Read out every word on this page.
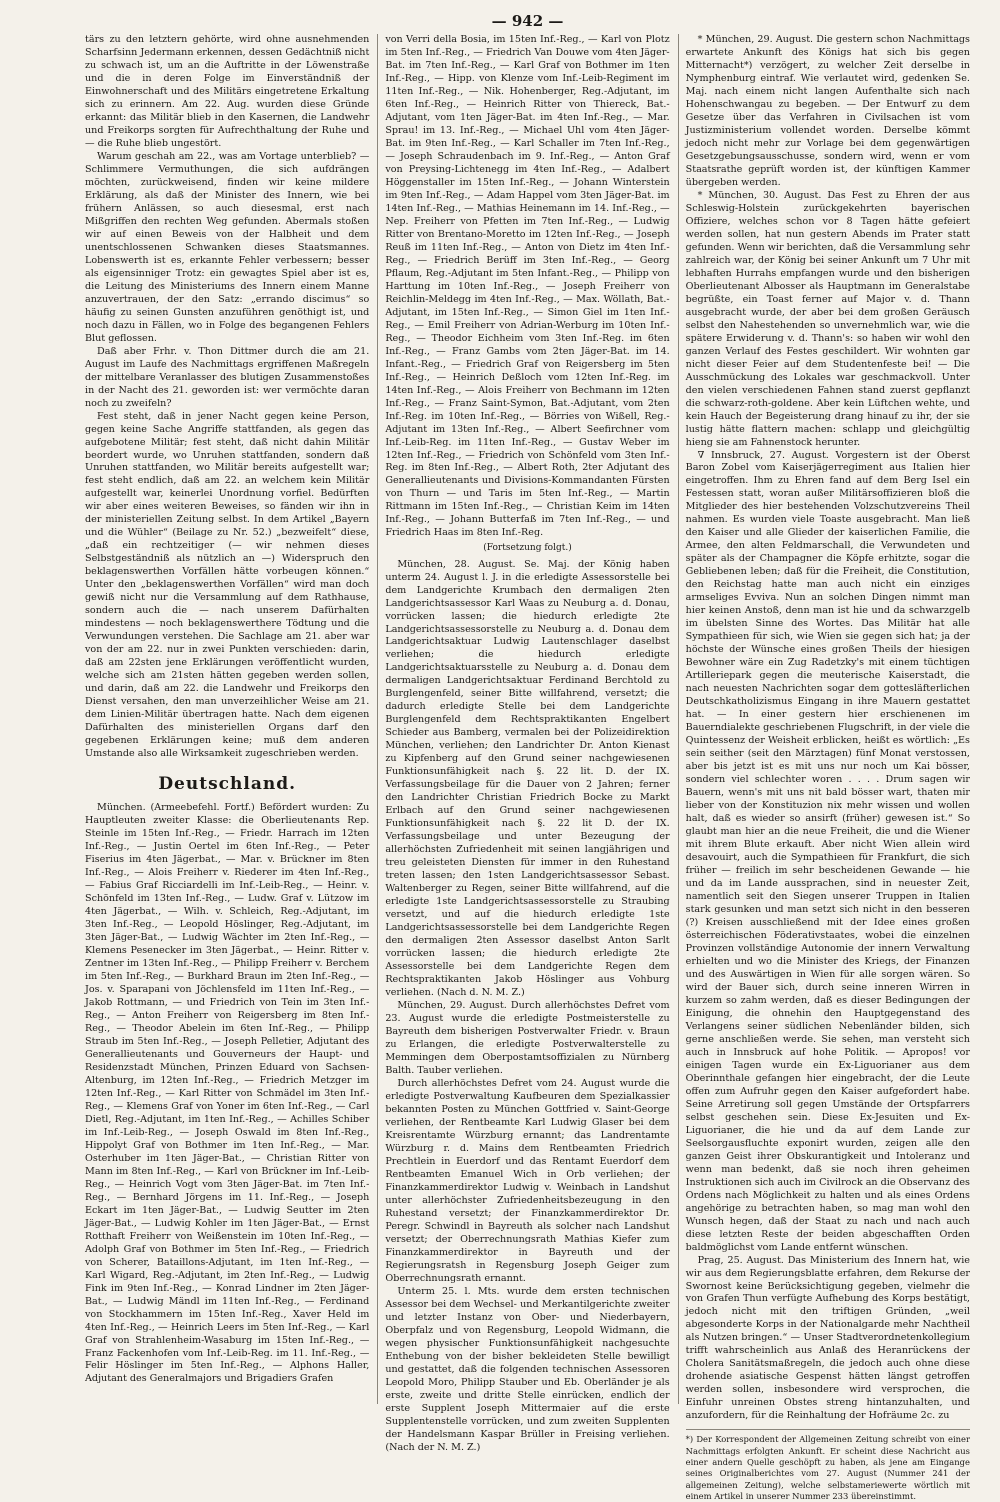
— 942 —

tärs zu den letztern gehörte, wird ohne ausnehmenden Scharfsinn Jedermann erkennen, dessen Gedächtniß nicht zu schwach ist, um an die Auftritte in der Löwenstraße und die in deren Folge im Einverständniß der Einwohnerschaft und des Militärs eingetretene Erkaltung sich zu erinnern. Am 22. Aug. wurden diese Gründe erkannt: das Militär blieb in den Kasernen, die Landwehr und Freikorps sorgten für Aufrechthaltung der Ruhe und — die Ruhe blieb ungestört.

Warum geschah am 22., was am Vortage unterblieb? — Schlimmere Vermuthungen, die sich aufdrängen möchten, zurückweisend, finden wir keine mildere Erklärung, als daß der Minister des Innern, wie bei frühern Anlässen, so auch diesesmal, erst nach Mißgriffen den rechten Weg gefunden. Abermals stoßen wir auf einen Beweis von der Halbheit und dem unentschlossenen Schwanken dieses Staatsmannes. Lobenswerth ist es, erkannte Fehler verbessern; besser als eigensinniger Trotz: ein gewagtes Spiel aber ist es, die Leitung des Ministeriums des Innern einem Manne anzuvertrauen, der den Satz: „errando discimus“ so häufig zu seinen Gunsten anzuführen genöthigt ist, und noch dazu in Fällen, wo in Folge des begangenen Fehlers Blut geflossen.

Daß aber Frhr. v. Thon Dittmer durch die am 21. August im Laufe des Nachmittags ergriffenen Maßregeln der mittelbare Veranlasser des blutigen Zusammenstoßes in der Nacht des 21. geworden ist: wer vermöchte daran noch zu zweifeln?

Fest steht, daß in jener Nacht gegen keine Person, gegen keine Sache Angriffe stattfanden, als gegen das aufgebotene Militär; fest steht, daß nicht dahin Militär beordert wurde, wo Unruhen stattfanden, sondern daß Unruhen stattfanden, wo Militär bereits aufgestellt war; fest steht endlich, daß am 22. an welchem kein Militär aufgestellt war, keinerlei Unordnung vorfiel. Bedürften wir aber eines weiteren Beweises, so fänden wir ihn in der ministeriellen Zeitung selbst. In dem Artikel „Bayern und die Wühler“ (Beilage zu Nr. 52.) „bezweifelt“ diese, „daß ein rechtzeitiger (— wir nehmen dieses Selbstgeständniß als nützlich an —) Widerspruch den beklagenswerthen Vorfällen hätte vorbeugen können.“ Unter den „beklagenswerthen Vorfällen“ wird man doch gewiß nicht nur die Versammlung auf dem Rathhause, sondern auch die — nach unserem Dafürhalten mindestens — noch beklagenswerthere Tödtung und die Verwundungen verstehen. Die Sachlage am 21. aber war von der am 22. nur in zwei Punkten verschieden: darin, daß am 22sten jene Erklärungen veröffentlicht wurden, welche sich am 21sten hätten gegeben werden sollen, und darin, daß am 22. die Landwehr und Freikorps den Dienst versahen, den man unverzeihlicher Weise am 21. dem Linien-Militär übertragen hatte. Nach dem eigenen Dafürhalten des ministeriellen Organs darf den gegebenen Erklärungen keine; muß dem anderen Umstande also alle Wirksamkeit zugeschrieben werden.

Deutschland.

München. (Armeebefehl. Fortf.) Befördert wurden: Zu Hauptleuten zweiter Klasse: die Oberlieutenants Rep. Steinle im 15ten Inf.-Reg., — Friedr. Harrach im 12ten Inf.-Reg., — Justin Oertel im 6ten Inf.-Reg., — Peter Fiserius im 4ten Jägerbat., — Mar. v. Brückner im 8ten Inf.-Reg., — Alois Freiherr v. Riederer im 4ten Inf.-Reg., — Fabius Graf Ricciardelli im Inf.-Leib-Reg., — Heinr. v. Schönfeld im 13ten Inf.-Reg., — Ludw. Graf v. Lützow im 4ten Jägerbat., — Wilh. v. Schleich, Reg.-Adjutant, im 3ten Inf.-Reg., — Leopold Höslinger, Reg.-Adjutant, im 3ten Jäger-Bat., — Ludwig Wächter im 2ten Inf.-Reg., — Klemens Pesenecker im 3ten Jägerbat., — Heinr. Ritter v. Zentner im 13ten Inf.-Reg., — Philipp Freiherr v. Berchem im 5ten Inf.-Reg., — Burkhard Braun im 2ten Inf.-Reg., — Jos. v. Sparapani von Jöchlensfeld im 11ten Inf.-Reg., — Jakob Rottmann, — und Friedrich von Tein im 3ten Inf.-Reg., — Anton Freiherr von Reigersberg im 8ten Inf.-Reg., — Theodor Abelein im 6ten Inf.-Reg., — Philipp Straub im 5ten Inf.-Reg., — Joseph Pelletier, Adjutant des Generallieutenants und Gouverneurs der Haupt- und Residenzstadt München, Prinzen Eduard von Sachsen-Altenburg, im 12ten Inf.-Reg., — Friedrich Metzger im 12ten Inf.-Reg., — Karl Ritter von Schmädel im 3ten Inf.-Reg., — Klemens Graf von Yoner im 6ten Inf.-Reg., — Carl Dietl, Reg.-Adjutant, im 1ten Inf.-Reg., — Achilles Schiber im Inf.-Leib-Reg., — Joseph Oswald im 8ten Inf.-Reg., Hippolyt Graf von Bothmer im 1ten Inf.-Reg., — Mar. Osterhuber im 1ten Jäger-Bat., — Christian Ritter von Mann im 8ten Inf.-Reg., — Karl von Brückner im Inf.-Leib-Reg., — Heinrich Vogt vom 3ten Jäger-Bat. im 7ten Inf.-Reg., — Bernhard Jörgens im 11. Inf.-Reg., — Joseph Eckart im 1ten Jäger-Bat., — Ludwig Seutter im 2ten Jäger-Bat., — Ludwig Kohler im 1ten Jäger-Bat., — Ernst Rotthaft Freiherr von Weißenstein im 10ten Inf.-Reg., — Adolph Graf von Bothmer im 5ten Inf.-Reg., — Friedrich von Scherer, Bataillons-Adjutant, im 1ten Inf.-Reg., — Karl Wigard, Reg.-Adjutant, im 2ten Inf.-Reg., — Ludwig Fink im 9ten Inf.-Reg., — Konrad Lindner im 2ten Jäger-Bat., — Ludwig Mändl im 11ten Inf.-Reg., — Ferdinand von Stockhammern im 15ten Inf.-Reg., Xaver Held im 4ten Inf.-Reg., — Heinrich Leers im 5ten Inf.-Reg., — Karl Graf von Strahlenheim-Wasaburg im 15ten Inf.-Reg., — Franz Fackenhofen vom Inf.-Leib-Reg. im 11. Inf.-Reg., — Felir Höslinger im 5ten Inf.-Reg., — Alphons Haller, Adjutant des Generalmajors und Brigadiers Grafen

von Verri della Bosia, im 15ten Inf.-Reg., — Karl von Plotz im 5ten Inf.-Reg., — Friedrich Van Douwe vom 4ten Jäger-Bat. im 7ten Inf.-Reg., — Karl Graf von Bothmer im 1ten Inf.-Reg., — Hipp. von Klenze vom Inf.-Leib-Regiment im 11ten Inf.-Reg., — Nik. Hohenberger, Reg.-Adjutant, im 6ten Inf.-Reg., — Heinrich Ritter von Thiereck, Bat.-Adjutant, vom 1ten Jäger-Bat. im 4ten Inf.-Reg., — Mar. Sprau! im 13. Inf.-Reg., — Michael Uhl vom 4ten Jäger-Bat. im 9ten Inf.-Reg., — Karl Schaller im 7ten Inf.-Reg., — Joseph Schraudenbach im 9. Inf.-Reg., — Anton Graf von Preysing-Lichtenegg im 4ten Inf.-Reg., — Adalbert Höggenstaller im 15ten Inf.-Reg., — Johann Winterstein im 9ten Inf.-Reg., — Adam Happel vom 3ten Jäger-Bat. im 14ten Inf.-Reg., — Mathias Heinemann im 14. Inf.-Reg., — Nep. Freiherr von Pfetten im 7ten Inf.-Reg., — Ludwig Ritter von Brentano-Moretto im 12ten Inf.-Reg., — Joseph Reuß im 11ten Inf.-Reg., — Anton von Dietz im 4ten Inf.-Reg., — Friedrich Berüff im 3ten Inf.-Reg., — Georg Pflaum, Reg.-Adjutant im 5ten Infant.-Reg., — Philipp von Harttung im 10ten Inf.-Reg., — Joseph Freiherr von Reichlin-Meldegg im 4ten Inf.-Reg., — Max. Wöllath, Bat.-Adjutant, im 15ten Inf.-Reg., — Simon Giel im 1ten Inf.-Reg., — Emil Freiherr von Adrian-Werburg im 10ten Inf.-Reg., — Theodor Eichheim vom 3ten Inf.-Reg. im 6ten Inf.-Reg., — Franz Gambs vom 2ten Jäger-Bat. im 14. Infant.-Reg., — Friedrich Graf von Reigersberg im 5ten Inf.-Reg., — Heinrich Deßloch vom 12ten Inf.-Reg. im 14ten Inf.-Reg., — Alois Freiherr von Bechmann im 12ten Inf.-Reg., — Franz Saint-Symon, Bat.-Adjutant, vom 2ten Inf.-Reg. im 10ten Inf.-Reg., — Börries von Wißell, Reg.-Adjutant im 13ten Inf.-Reg., — Albert Seefirchner vom Inf.-Leib-Reg. im 11ten Inf.-Reg., — Gustav Weber im 12ten Inf.-Reg., — Friedrich von Schönfeld vom 3ten Inf.-Reg. im 8ten Inf.-Reg., — Albert Roth, 2ter Adjutant des Generallieutenants und Divisions-Kommandanten Fürsten von Thurn — und Taris im 5ten Inf.-Reg., — Martin Rittmann im 15ten Inf.-Reg., — Christian Keim im 14ten Inf.-Reg., — Johann Butterfaß im 7ten Inf.-Reg., — und Friedrich Haas im 8ten Inf.-Reg.

(Fortsetzung folgt.)

München, 28. August. Se. Maj. der König haben unterm 24. August l. J. in die erledigte Assessorstelle bei dem Landgerichte Krumbach den dermaligen 2ten Landgerichtsassessor Karl Waas zu Neuburg a. d. Donau, vorrücken lassen; die hiedurch erledigte 2te Landgerichtsassessorstelle zu Neuburg a. d. Donau dem Landgerichtsaktuar Ludwig Lautenschlager daselbst verliehen; die hiedurch erledigte Landgerichtsaktuarsstelle zu Neuburg a. d. Donau dem dermaligen Landgerichtsaktuar Ferdinand Berchtold zu Burglengenfeld, seiner Bitte willfahrend, versetzt; die dadurch erledigte Stelle bei dem Landgerichte Burglengenfeld dem Rechtspraktikanten Engelbert Schieder aus Bamberg, vermalen bei der Polizeidirektion München, verliehen; den Landrichter Dr. Anton Kienast zu Kipfenberg auf den Grund seiner nachgewiesenen Funktionsunfähigkeit nach §. 22 lit. D. der IX. Verfassungsbeilage für die Dauer von 2 Jahren; ferner den Landrichter Christian Friedrich Bocke zu Markt Erlbach auf den Grund seiner nachgewiesenen Funktionsunfähigkeit nach §. 22 lit D. der IX. Verfassungsbeilage und unter Bezeugung der allerhöchsten Zufriedenheit mit seinen langjährigen und treu geleisteten Diensten für immer in den Ruhestand treten lassen; den 1sten Landgerichtsassessor Sebast. Waltenberger zu Regen, seiner Bitte willfahrend, auf die erledigte 1ste Landgerichtsassessorstelle zu Straubing versetzt, und auf die hiedurch erledigte 1ste Landgerichtsassessorstelle bei dem Landgerichte Regen den dermaligen 2ten Assessor daselbst Anton Sarlt vorrücken lassen; die hiedurch erledigte 2te Assessorstelle bei dem Landgerichte Regen dem Rechtspraktikanten Jakob Höslinger aus Vohburg verliehen. (Nach d. N. M. Z.)

München, 29. August. Durch allerhöchstes Defret vom 23. August wurde die erledigte Postmeisterstelle zu Bayreuth dem bisherigen Postverwalter Friedr. v. Braun zu Erlangen, die erledigte Postverwalterstelle zu Memmingen dem Oberpostamtsoffizialen zu Nürnberg Balth. Tauber verliehen.

Durch allerhöchstes Defret vom 24. August wurde die erledigte Postverwaltung Kaufbeuren dem Spezialkassier bekannten Posten zu München Gottfried v. Saint-George verliehen, der Rentbeamte Karl Ludwig Glaser bei dem Kreisrentamte Würzburg ernannt; das Landrentamte Würzburg r. d. Mains dem Rentbeamten Friedrich Prechtlein in Euerdorf und das Rentamt Euerdorf dem Rentbeamten Emanuel Wich in Orb verliehen; der Finanzkammerdirektor Ludwig v. Weinbach in Landshut unter allerhöchster Zufriedenheitsbezeugung in den Ruhestand versetzt; der Finanzkammerdirektor Dr. Peregr. Schwindl in Bayreuth als solcher nach Landshut versetzt; der Oberrechnungsrath Mathias Kiefer zum Finanzkammerdirektor in Bayreuth und der Regierungsratsh in Regensburg Joseph Geiger zum Oberrechnungsrath ernannt.

Unterm 25. l. Mts. wurde dem ersten technischen Assessor bei dem Wechsel- und Merkantilgerichte zweiter und letzter Instanz von Ober- und Niederbayern, Oberpfalz und von Regensburg, Leopold Widmann, die wegen physischer Funktionsunfähigkeit nachgesuchte Enthebung von der bisher bekleideten Stelle bewilligt und gestattet, daß die folgenden technischen Assessoren Leopold Moro, Philipp Stauber und Eb. Oberländer je als erste, zweite und dritte Stelle einrücken, endlich der erste Supplent Joseph Mittermaier auf die erste Supplentenstelle vorrücken, und zum zweiten Supplenten der Handelsmann Kaspar Brüller in Freising verliehen. (Nach der N. M. Z.)

* München, 29. August. Die gestern schon Nachmittags erwartete Ankunft des Königs hat sich bis gegen Mitternacht*) verzögert, zu welcher Zeit derselbe in Nymphenburg eintraf. Wie verlautet wird, gedenken Se. Maj. nach einem nicht langen Aufenthalte sich nach Hohenschwangau zu begeben. — Der Entwurf zu dem Gesetze über das Verfahren in Civilsachen ist vom Justizministerium vollendet worden. Derselbe kömmt jedoch nicht mehr zur Vorlage bei dem gegenwärtigen Gesetzgebungsausschusse, sondern wird, wenn er vom Staatsrathe geprüft worden ist, der künftigen Kammer übergeben werden.

* München, 30. August. Das Fest zu Ehren der aus Schleswig-Holstein zurückgekehrten bayerischen Offiziere, welches schon vor 8 Tagen hätte gefeiert werden sollen, hat nun gestern Abends im Prater statt gefunden. Wenn wir berichten, daß die Versammlung sehr zahlreich war, der König bei seiner Ankunft um 7 Uhr mit lebhaften Hurrahs empfangen wurde und den bisherigen Oberlieutenant Albosser als Hauptmann im Generalstabe begrüßte, ein Toast ferner auf Major v. d. Thann ausgebracht wurde, der aber bei dem großen Geräusch selbst den Nahestehenden so unvernehmlich war, wie die spätere Erwiderung v. d. Thann's: so haben wir wohl den ganzen Verlauf des Festes geschildert. Wir wohnten gar nicht dieser Feier auf dem Studentenfeste bei! — Die Ausschmückung des Lokales war geschmackvoll. Unter den vielen verschiedenen Fahnen stand zuerst gepflanzt die schwarz-roth-goldene. Aber kein Lüftchen wehte, und kein Hauch der Begeisterung drang hinauf zu ihr, der sie lustig hätte flattern machen: schlapp und gleichgültig hieng sie am Fahnenstock herunter.

∇ Innsbruck, 27. August. Vorgestern ist der Oberst Baron Zobel vom Kaiserjägerregiment aus Italien hier eingetroffen. Ihm zu Ehren fand auf dem Berg Isel ein Festessen statt, woran außer Militärsoffizieren bloß die Mitglieder des hier bestehenden Volzschutzvereins Theil nahmen. Es wurden viele Toaste ausgebracht. Man ließ den Kaiser und alle Glieder der kaiserlichen Familie, die Armee, den alten Feldmarschall, die Verwundeten und später als der Champagner die Köpfe erhitzte, sogar die Gebliebenen leben; daß für die Freiheit, die Constitution, den Reichstag hatte man auch nicht ein einziges armseliges Evviva. Nun an solchen Dingen nimmt man hier keinen Anstoß, denn man ist hie und da schwarzgelb im übelsten Sinne des Wortes. Das Militär hat alle Sympathieen für sich, wie Wien sie gegen sich hat; ja der höchste der Wünsche eines großen Theils der hiesigen Bewohner wäre ein Zug Radetzky's mit einem tüchtigen Artilleriepark gegen die meuterische Kaiserstadt, die nach neuesten Nachrichten sogar dem gottesläfterlichen Deutschkatholizismus Eingang in ihre Mauern gestattet hat. — In einer gestern hier erschienenen im Bauerndialekte geschriebenen Flugschrift, in der viele die Quintessenz der Weisheit erblicken, heißt es wörtlich: „Es sein seither (seit den Märztagen) fünf Monat verstossen, aber bis jetzt ist es mit uns nur noch um Kai bösser, sondern viel schlechter woren . . . . Drum sagen wir Bauern, wenn's mit uns nit bald bösser wart, thaten mir lieber von der Konstituzion nix mehr wissen und wollen halt, daß es wieder so ansirft (früher) gewesen ist.“ So glaubt man hier an die neue Freiheit, die und die Wiener mit ihrem Blute erkauft. Aber nicht Wien allein wird desavouirt, auch die Sympathieen für Frankfurt, die sich früher — freilich im sehr bescheidenen Gewande — hie und da im Lande aussprachen, sind in neuester Zeit, namentlich seit den Siegen unserer Truppen in Italien stark gesunken und man setzt sich nicht in den besseren (?) Kreisen ausschließend mit der Idee eines großen österreichischen Föderativstaates, wobei die einzelnen Provinzen vollständige Autonomie der innern Verwaltung erhielten und wo die Minister des Kriegs, der Finanzen und des Auswärtigen in Wien für alle sorgen wären. So wird der Bauer sich, durch seine inneren Wirren in kurzem so zahm werden, daß es dieser Bedingungen der Einigung, die ohnehin den Hauptgegenstand des Verlangens seiner südlichen Nebenländer bilden, sich gerne anschließen werde. Sie sehen, man versteht sich auch in Innsbruck auf hohe Politik. — Apropos! vor einigen Tagen wurde ein Ex-Liguorianer aus dem Oberinnthale gefangen hier eingebracht, der die Leute offen zum Aufruhr gegen den Kaiser aufgefordert habe. Seine Arretirung soll gegen Umstände der Ortspfarrers selbst geschehen sein. Diese Ex-Jesuiten und Ex-Liguorianer, die hie und da auf dem Lande zur Seelsorgausfluchte exponirt wurden, zeigen alle den ganzen Geist ihrer Obskurantigkeit und Intoleranz und wenn man bedenkt, daß sie noch ihren geheimen Instruktionen sich auch im Civilrock an die Observanz des Ordens nach Möglichkeit zu halten und als eines Ordens angehörige zu betrachten haben, so mag man wohl den Wunsch hegen, daß der Staat zu nach und nach auch diese letzten Reste der beiden abgeschafften Orden baldmöglichst vom Lande entfernt wünschen.

Prag, 25. August. Das Ministerium des Innern hat, wie wir aus dem Regierungsblatte erfahren, dem Rekurse der Swornost keine Berücksichtigung gegeben, vielmehr die von Grafen Thun verfügte Aufhebung des Korps bestätigt, jedoch nicht mit den triftigen Gründen, „weil abgesonderte Korps in der Nationalgarde mehr Nachtheil als Nutzen bringen.“ — Unser Stadtverordnetenkollegium trifft wahrscheinlich aus Anlaß des Heranrückens der Cholera Sanitätsmaßregeln, die jedoch auch ohne diese drohende asiatische Gespenst hätten längst getroffen werden sollen, insbesondere wird versprochen, die Einfuhr unreinen Obstes streng hintanzuhalten, und anzufordern, für die Reinhaltung der Hofräume 2c. zu

*) Der Korrespondent der Allgemeinen Zeitung schreibt von einer Nachmittags erfolgten Ankunft. Er scheint diese Nachricht aus einer andern Quelle geschöpft zu haben, als jene am Eingange seines Originalberichtes vom 27. August (Nummer 241 der allgemeinen Zeitung), welche selbstameriewerte wörtlich mit einem Artikel in unserer Nummer 233 übereinstimmt.
